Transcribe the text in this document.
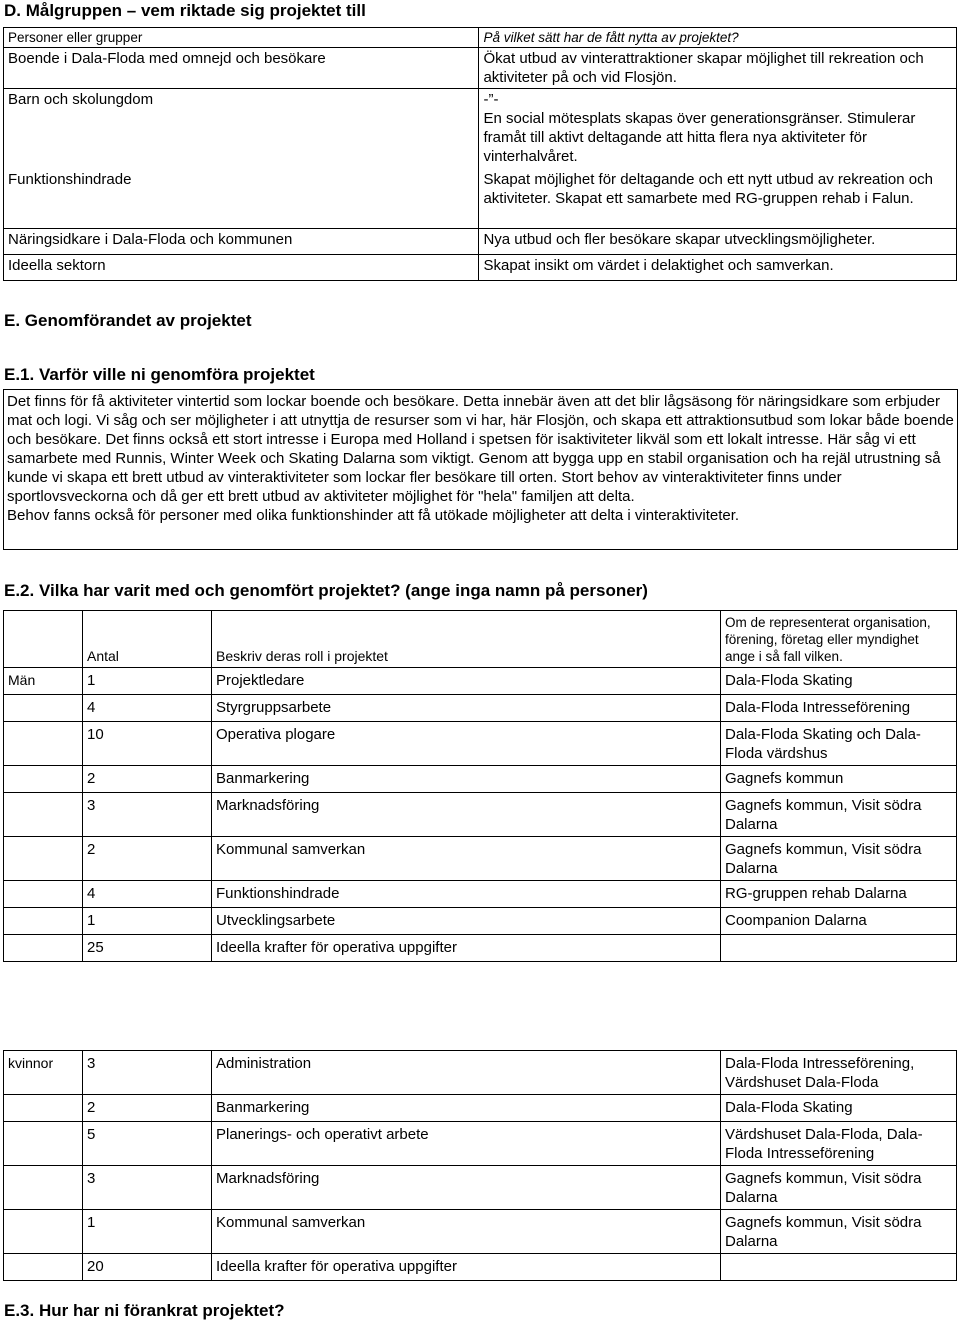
D. Målgruppen – vem riktade sig projektet till
Personer eller grupper	På vilket sätt har de fått nytta av projektet?
Boende i Dala-Floda med omnejd och besökare	Ökat utbud av vinterattraktioner skapar möjlighet till rekreation och aktiviteter på och vid Flosjön.
Barn och skolungdom	-”-
En social mötesplats skapas över generationsgränser. Stimulerar framåt till aktivt deltagande att hitta flera nya aktiviteter för vinterhalvåret.
Funktionshindrade	Skapat möjlighet för deltagande och ett nytt utbud av rekreation och aktiviteter. Skapat ett samarbete med RG-gruppen rehab i Falun.
Näringsidkare i Dala-Floda och kommunen	Nya utbud och fler besökare skapar utvecklingsmöjligheter.
Ideella sektorn	Skapat insikt om värdet i delaktighet och samverkan.
E. Genomförandet av projektet
E.1. Varför ville ni genomföra projektet

Det finns för få aktiviteter vintertid som lockar boende och besökare. Detta innebär även att det blir lågsäsong för näringsidkare som erbjuder mat och logi. Vi såg och ser möjligheter i att utnyttja de resurser som vi har, här Flosjön, och skapa ett attraktionsutbud som lokar både boende och besökare. Det finns också ett stort intresse i Europa med Holland i spetsen för isaktiviteter likväl som ett lokalt intresse. Här såg vi ett samarbete med Runnis, Winter Week och Skating Dalarna som viktigt. Genom att bygga upp en stabil organisation och ha rejäl utrustning så kunde vi skapa ett brett utbud av vinteraktiviteter som lockar fler besökare till orten. Stort behov av vinteraktiviteter finns under sportlovsveckorna och då ger ett brett utbud av aktiviteter möjlighet för "hela" familjen att delta.

Behov fanns också för personer med olika funktionshinder att få utökade möjligheter att delta i vinteraktiviteter.

E.2. Vilka har varit med och genomfört projektet? (ange inga namn på personer)
	Antal	Beskriv deras roll i projektet	Om de representerat organisation, förening, företag eller myndighet ange i så fall vilken.
Män	1	Projektledare	Dala-Floda Skating
	4	Styrgruppsarbete	Dala-Floda Intresseförening
	10	Operativa plogare	Dala-Floda Skating och Dala-Floda värdshus
	2	Banmarkering	Gagnefs kommun
	3	Marknadsföring	Gagnefs kommun, Visit södra Dalarna
	2	Kommunal samverkan	Gagnefs kommun, Visit södra Dalarna
	4	Funktionshindrade	RG-gruppen rehab Dalarna
	1	Utvecklingsarbete	Coompanion Dalarna
	25	Ideella krafter för operativa uppgifter	
kvinnor	3	Administration	Dala-Floda Intresseförening, Värdshuset Dala-Floda
	2	Banmarkering	Dala-Floda Skating
	5	Planerings- och operativt arbete	Värdshuset Dala-Floda, Dala-Floda Intresseförening
	3	Marknadsföring	Gagnefs kommun, Visit södra Dalarna
	1	Kommunal samverkan	Gagnefs kommun, Visit södra Dalarna
	20	Ideella krafter för operativa uppgifter	
E.3. Hur har ni förankrat projektet?
